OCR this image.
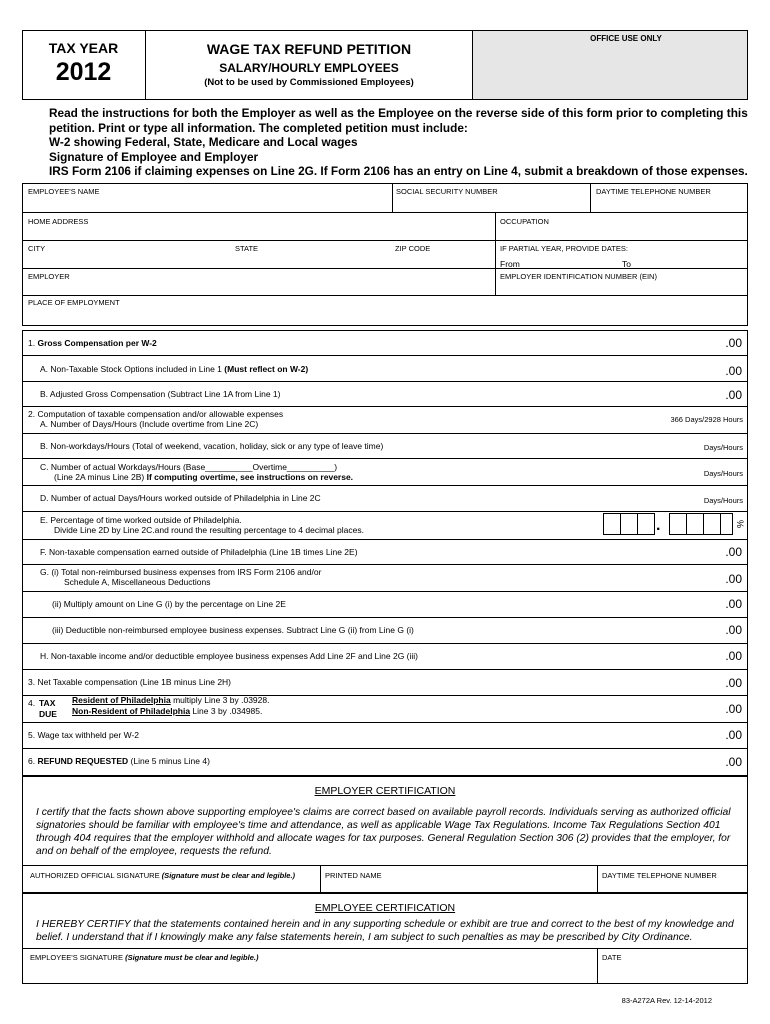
TAX YEAR
2012
WAGE TAX REFUND PETITION
SALARY/HOURLY EMPLOYEES
(Not to be used by Commissioned Employees)
OFFICE USE ONLY
Read the instructions for both the Employer as well as the Employee on the reverse side of this form prior to completing this
petition. Print or type all information. The completed petition must include:
W-2 showing Federal, State, Medicare and Local wages
Signature of Employee and Employer
IRS Form 2106 if claiming expenses on Line 2G. If Form 2106 has an entry on Line 4, submit a breakdown of those expenses.
EMPLOYEE'S NAME	SOCIAL SECURITY NUMBER	DAYTIME TELEPHONE NUMBER
HOME ADDRESS	OCCUPATION
CITY	STATE	ZIP CODE	IF PARTIAL YEAR, PROVIDE DATES:
From	To
EMPLOYER	EMPLOYER IDENTIFICATION NUMBER (EIN)
PLACE OF EMPLOYMENT
1. Gross Compensation per W-2	.00
A. Non-Taxable Stock Options included in Line 1 (Must reflect on W-2)	.00
B. Adjusted Gross Compensation (Subtract Line 1A from Line 1)	.00
2. Computation of taxable compensation and/or allowable expenses
A. Number of Days/Hours (Include overtime from Line 2C)	366 Days/2928 Hours
B. Non-workdays/Hours (Total of weekend, vacation, holiday, sick or any type of leave time)	Days/Hours
C. Number of actual Workdays/Hours (Base__________Overtime__________)
(Line 2A minus Line 2B) If computing overtime, see instructions on reverse.	Days/Hours
D. Number of actual Days/Hours worked outside of Philadelphia in Line 2C	Days/Hours
E. Percentage of time worked outside of Philadelphia.
Divide Line 2D by Line 2C.and round the resulting percentage to 4 decimal places.	.	%
F. Non-taxable compensation earned outside of Philadelphia (Line 1B times Line 2E)	.00
G. (i) Total non-reimbursed business expenses from IRS Form 2106 and/or
Schedule A, Miscellaneous Deductions	.00
(ii) Multiply amount on Line G (i) by the percentage on Line 2E	.00
(iii) Deductible non-reimbursed employee business expenses. Subtract Line G (ii) from Line G (i)	.00
H. Non-taxable income and/or deductible employee business expenses Add Line 2F and Line 2G (iii)	.00
3. Net Taxable compensation (Line 1B minus Line 2H)	.00
4. TAX
DUE
Resident of Philadelphia multiply Line 3 by .03928.
Non-Resident of Philadelphia Line 3 by .034985.	.00
5. Wage tax withheld per W-2	.00
6. REFUND REQUESTED (Line 5 minus Line 4)	.00
EMPLOYER CERTIFICATION
I certify that the facts shown above supporting employee's claims are correct based on available payroll records. Individuals serving as authorized official
signatories should be familiar with employee's time and attendance, as well as applicable Wage Tax Regulations. Income Tax Regulations Section 401
through 404 requires that the employer withhold and allocate wages for tax purposes. General Regulation Section 306 (2) provides that the employer, for
and on behalf of the employee, requests the refund.
AUTHORIZED OFFICIAL SIGNATURE (Signature must be clear and legible.)	PRINTED NAME	DAYTIME TELEPHONE NUMBER
EMPLOYEE CERTIFICATION
I HEREBY CERTIFY that the statements contained herein and in any supporting schedule or exhibit are true and correct to the best of my knowledge and
belief. I understand that if I knowingly make any false statements herein, I am subject to such penalties as may be prescribed by City Ordinance.
EMPLOYEE'S SIGNATURE (Signature must be clear and legible.)	DATE
83-A272A Rev. 12-14-2012
